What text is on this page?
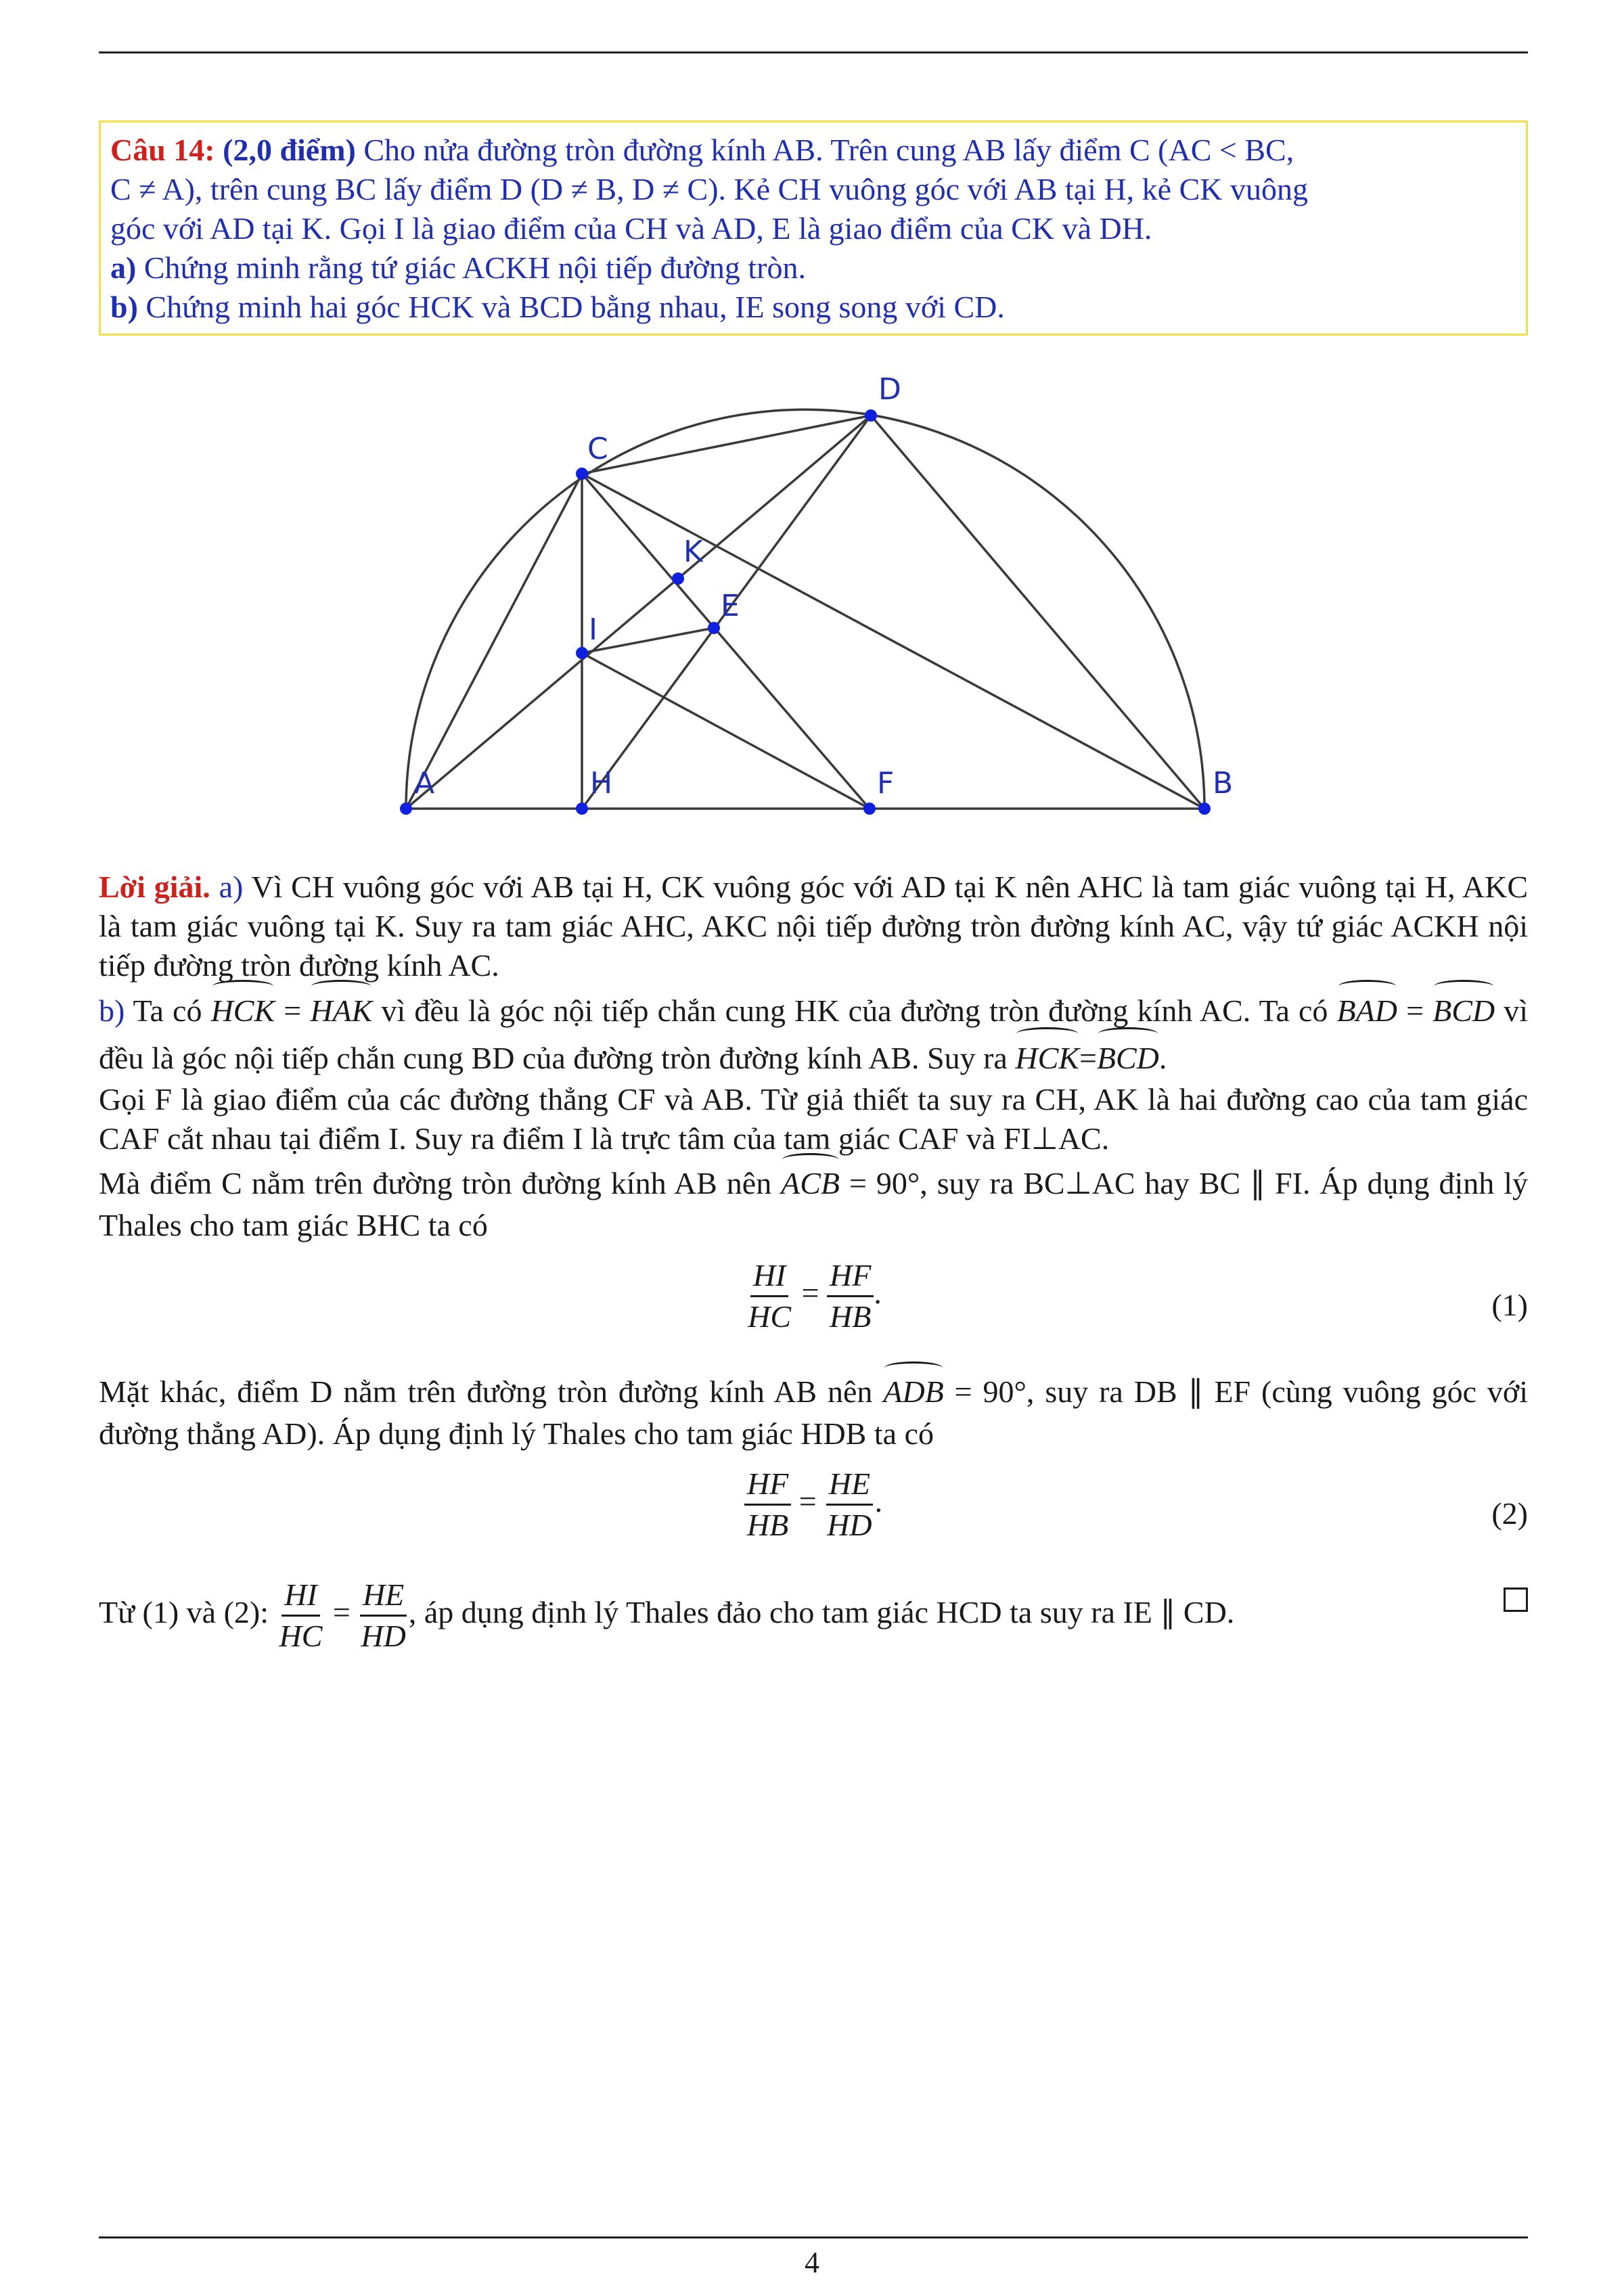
Câu 14: (2,0 điểm) Cho nửa đường tròn đường kính AB. Trên cung AB lấy điểm C (AC < BC,
C ≠ A), trên cung BC lấy điểm D (D ≠ B, D ≠ C). Kẻ CH vuông góc với AB tại H, kẻ CK vuông
góc với AD tại K. Gọi I là giao điểm của CH và AD, E là giao điểm của CK và DH.
a) Chứng minh rằng tứ giác ACKH nội tiếp đường tròn.
b) Chứng minh hai góc HCK và BCD bằng nhau, IE song song với CD.
A	H	F	B
C
D
K
I
E

Lời giải. a) Vì CH vuông góc với AB tại H, CK vuông góc với AD tại K nên AHC là tam giác vuông tại H, AKC là tam giác vuông tại K. Suy ra tam giác AHC, AKC nội tiếp đường tròn đường kính AC, vậy tứ giác ACKH nội tiếp đường tròn đường kính AC.

b) Ta có HCK = HAK vì đều là góc nội tiếp chắn cung HK của đường tròn đường kính AC. Ta có BAD = BCD vì đều là góc nội tiếp chắn cung BD của đường tròn đường kính AB. Suy ra HCK=BCD.

Gọi F là giao điểm của các đường thẳng CF và AB. Từ giả thiết ta suy ra CH, AK là hai đường cao của tam giác CAF cắt nhau tại điểm I. Suy ra điểm I là trực tâm của tam giác CAF và FI⊥AC.

Mà điểm C nằm trên đường tròn đường kính AB nên ACB = 90°, suy ra BC⊥AC hay BC ∥ FI. Áp dụng định lý Thales cho tam giác BHC ta có

$\frac{HI}{HC} = \frac{HF}{HB}$ .	(1)

Mặt khác, điểm D nằm trên đường tròn đường kính AB nên ADB = 90°, suy ra DB ∥ EF (cùng vuông góc với đường thẳng AD). Áp dụng định lý Thales cho tam giác HDB ta có

$\frac{HF}{HB} = \frac{HE}{HD}$ .	(2)

Từ (1) và (2): $\frac{HI}{HC} = \frac{HE}{HD}$ , áp dụng định lý Thales đảo cho tam giác HCD ta suy ra IE ∥ CD.

4
